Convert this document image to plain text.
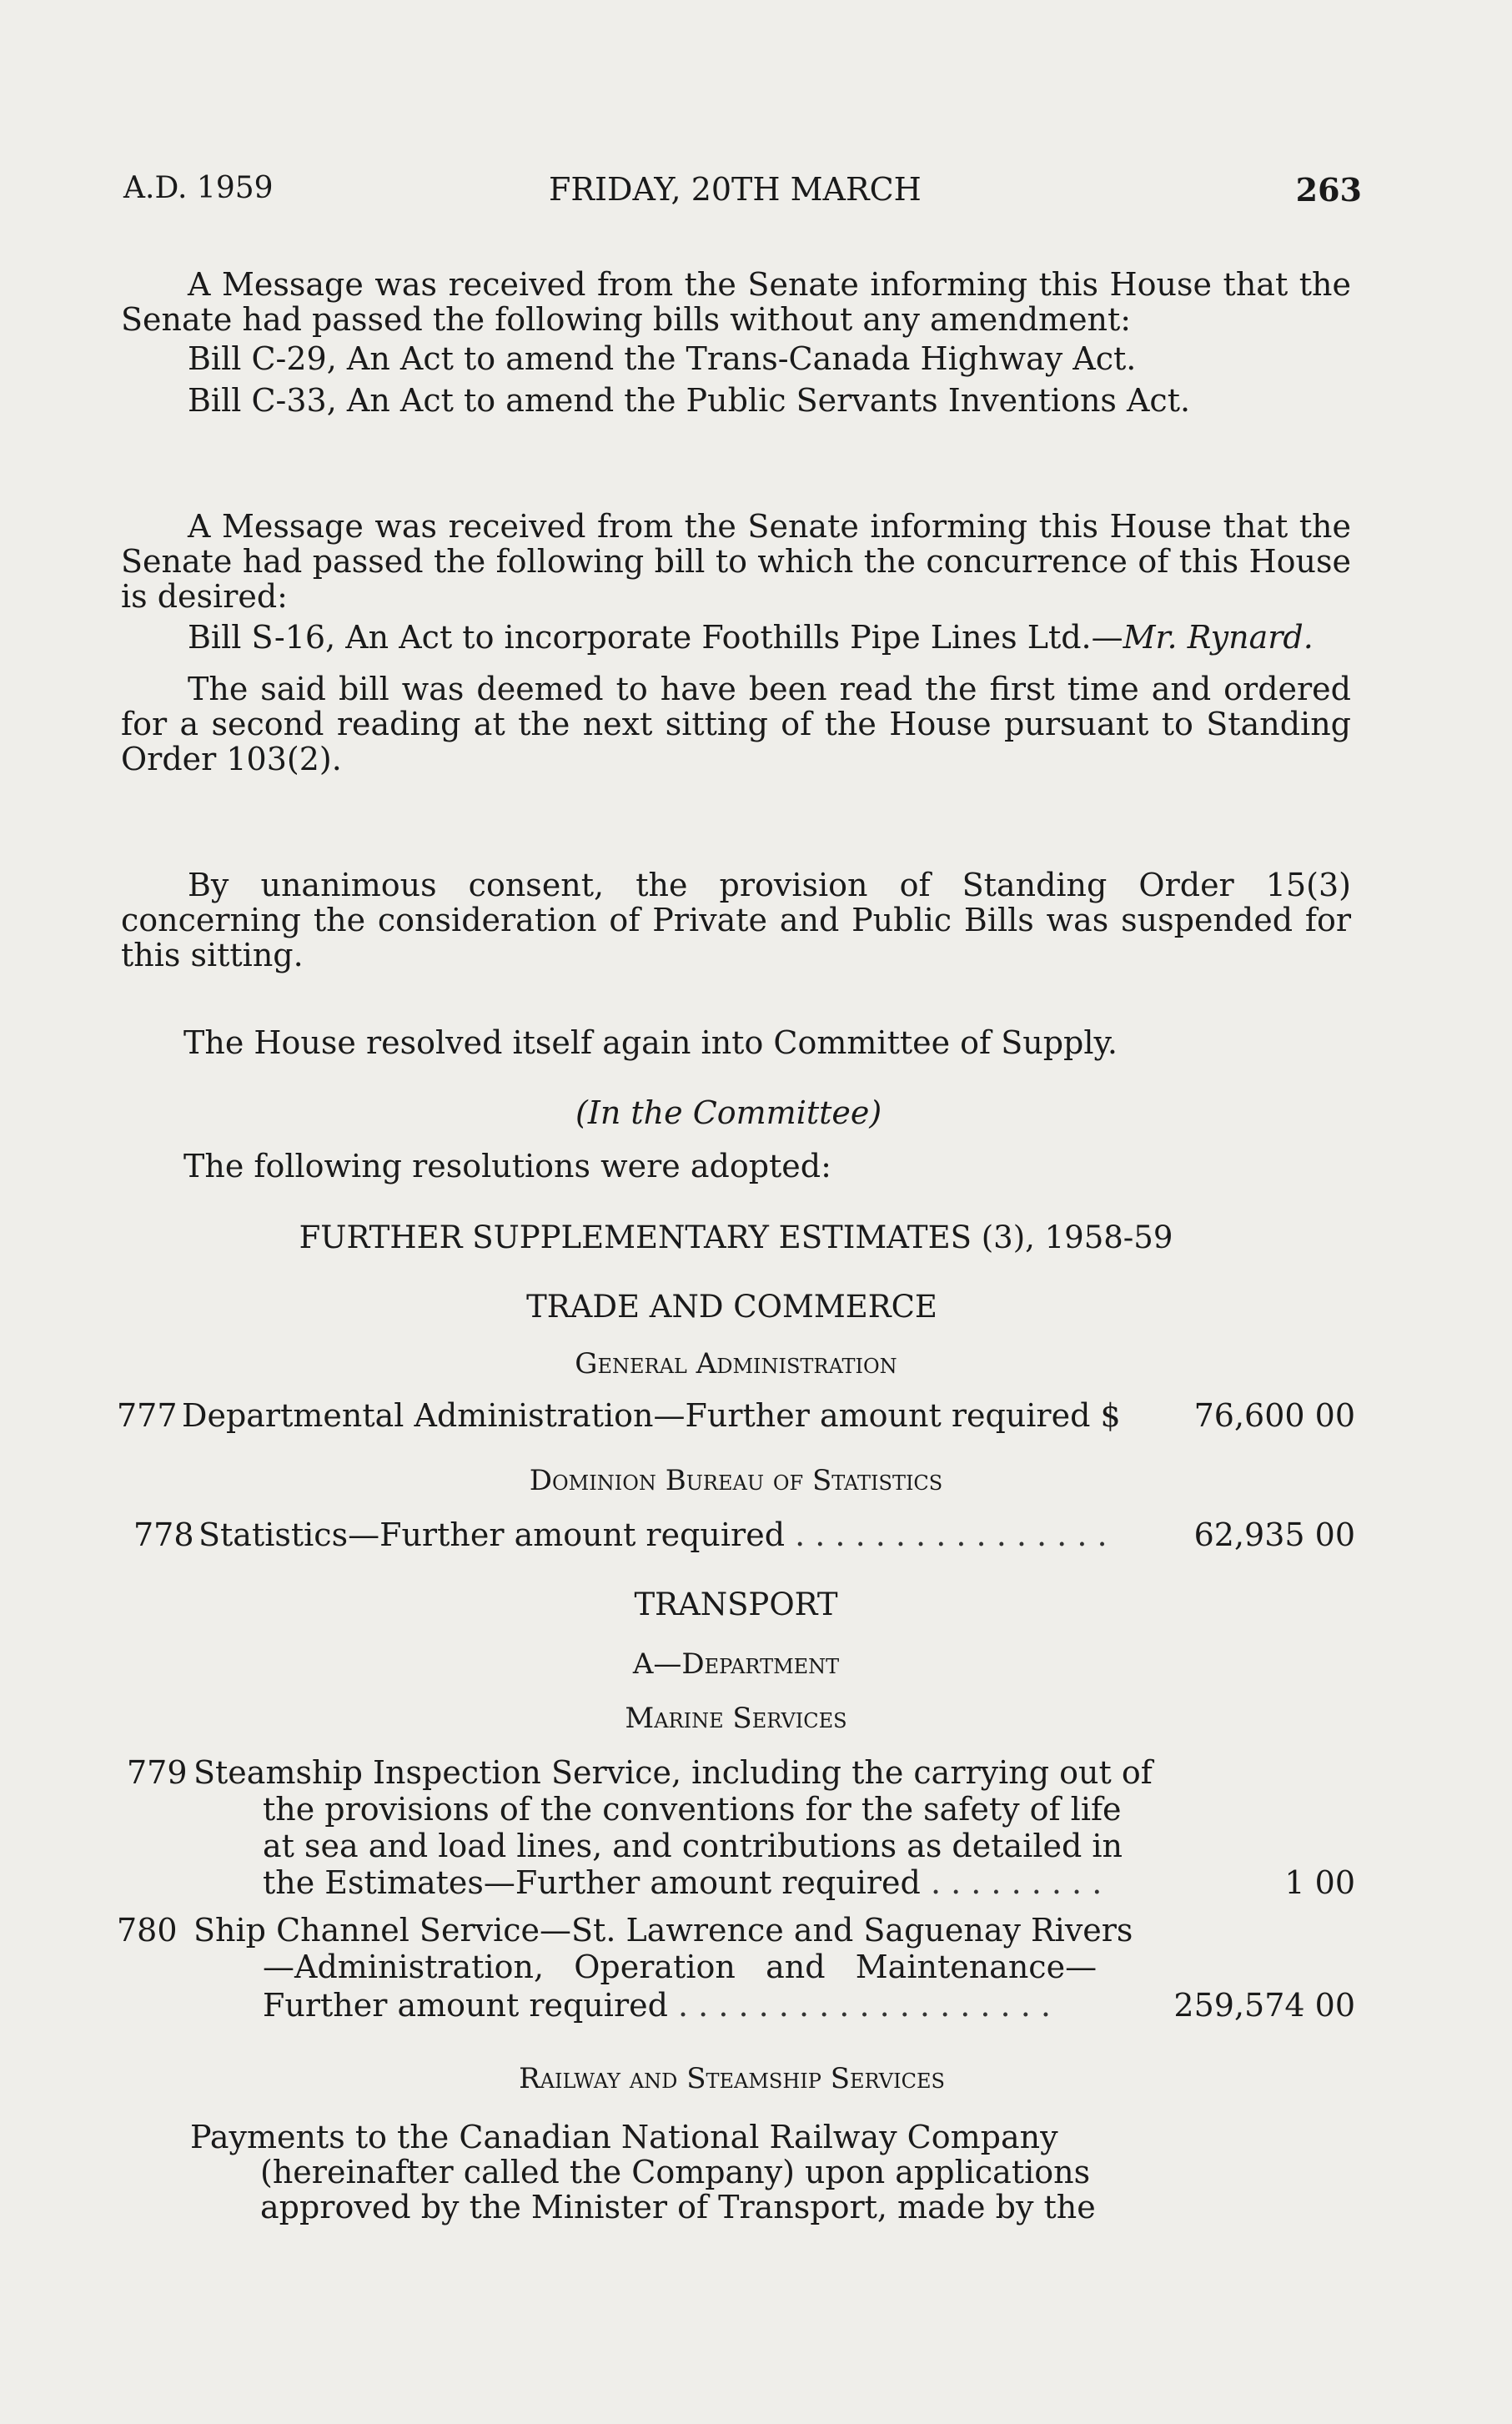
A.D. 1959	FRIDAY, 20TH MARCH	263
A Message was received from the Senate informing this House that the Senate had passed the following bills without any amendment:
Bill C-29, An Act to amend the Trans-Canada Highway Act.
Bill C-33, An Act to amend the Public Servants Inventions Act.
A Message was received from the Senate informing this House that the Senate had passed the following bill to which the concurrence of this House is desired:
Bill S-16, An Act to incorporate Foothills Pipe Lines Ltd.—Mr. Rynard.
The said bill was deemed to have been read the first time and ordered for a second reading at the next sitting of the House pursuant to Standing Order 103(2).
By unanimous consent, the provision of Standing Order 15(3) concerning the consideration of Private and Public Bills was suspended for this sitting.
The House resolved itself again into Committee of Supply.
(In the Committee)
The following resolutions were adopted:
FURTHER SUPPLEMENTARY ESTIMATES (3), 1958-59
TRADE AND COMMERCE
General Administration
777 Departmental Administration—Further amount required $	76,600 00
Dominion Bureau of Statistics
778 Statistics—Further amount required . . . . . . . . . . . . . . . .	62,935 00
TRANSPORT
A—Department
Marine Services
779 Steamship Inspection Service, including the carrying out of
the provisions of the conventions for the safety of life
at sea and load lines, and contributions as detailed in
the Estimates—Further amount required . . . . . . . . .	1 00
780 Ship Channel Service—St. Lawrence and Saguenay Rivers
—Administration,   Operation   and   Maintenance—
Further amount required . . . . . . . . . . . . . . . . . . .	259,574 00
Railway and Steamship Services
Payments to the Canadian National Railway Company
(hereinafter called the Company) upon applications
approved by the Minister of Transport, made by the
